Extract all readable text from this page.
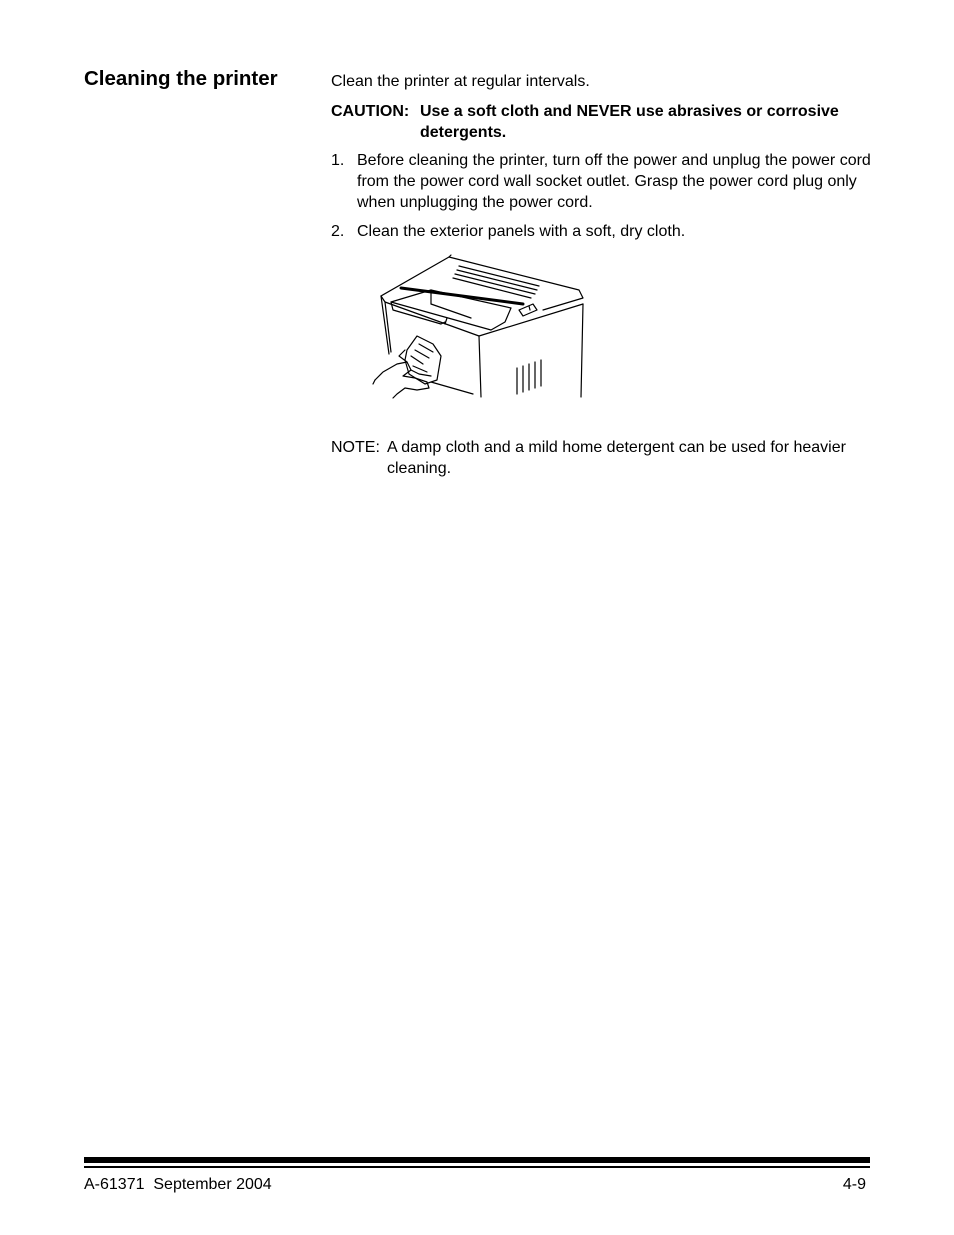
Cleaning the printer	Clean the printer at regular intervals.

CAUTION: Use a soft cloth and NEVER use abrasives or corrosive detergents.
1. Before cleaning the printer, turn off the power and unplug the power cord from the power cord wall socket outlet. Grasp the power cord plug only when unplugging the power cord.
2. Clean the exterior panels with a soft, dry cloth.
NOTE: A damp cloth and a mild home detergent can be used for heavier cleaning.
A-61371  September 2004	4-9
